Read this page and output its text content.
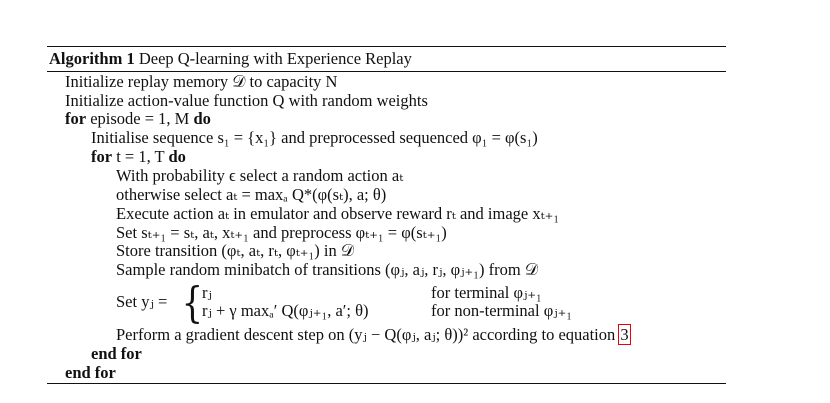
Algorithm 1 Deep Q-learning with Experience Replay
Initialize replay memory 𝒟 to capacity N
Initialize action-value function Q with random weights
for episode = 1, M do
Initialise sequence s₁ = {x₁} and preprocessed sequenced φ₁ = φ(s₁)
for t = 1, T do
With probability ϵ select a random action aₜ
otherwise select aₜ = maxₐ Q*(φ(sₜ), a; θ)
Execute action aₜ in emulator and observe reward rₜ and image xₜ₊₁
Set sₜ₊₁ = sₜ, aₜ, xₜ₊₁ and preprocess φₜ₊₁ = φ(sₜ₊₁)
Store transition (φₜ, aₜ, rₜ, φₜ₊₁) in 𝒟
Sample random minibatch of transitions (φⱼ, aⱼ, rⱼ, φⱼ₊₁) from 𝒟
Set yⱼ = {
rⱼ	for terminal φⱼ₊₁
rⱼ + γ maxₐ′ Q(φⱼ₊₁, a′; θ)	for non-terminal φⱼ₊₁
Perform a gradient descent step on (yⱼ − Q(φⱼ, aⱼ; θ))² according to equation 3
end for
end for
